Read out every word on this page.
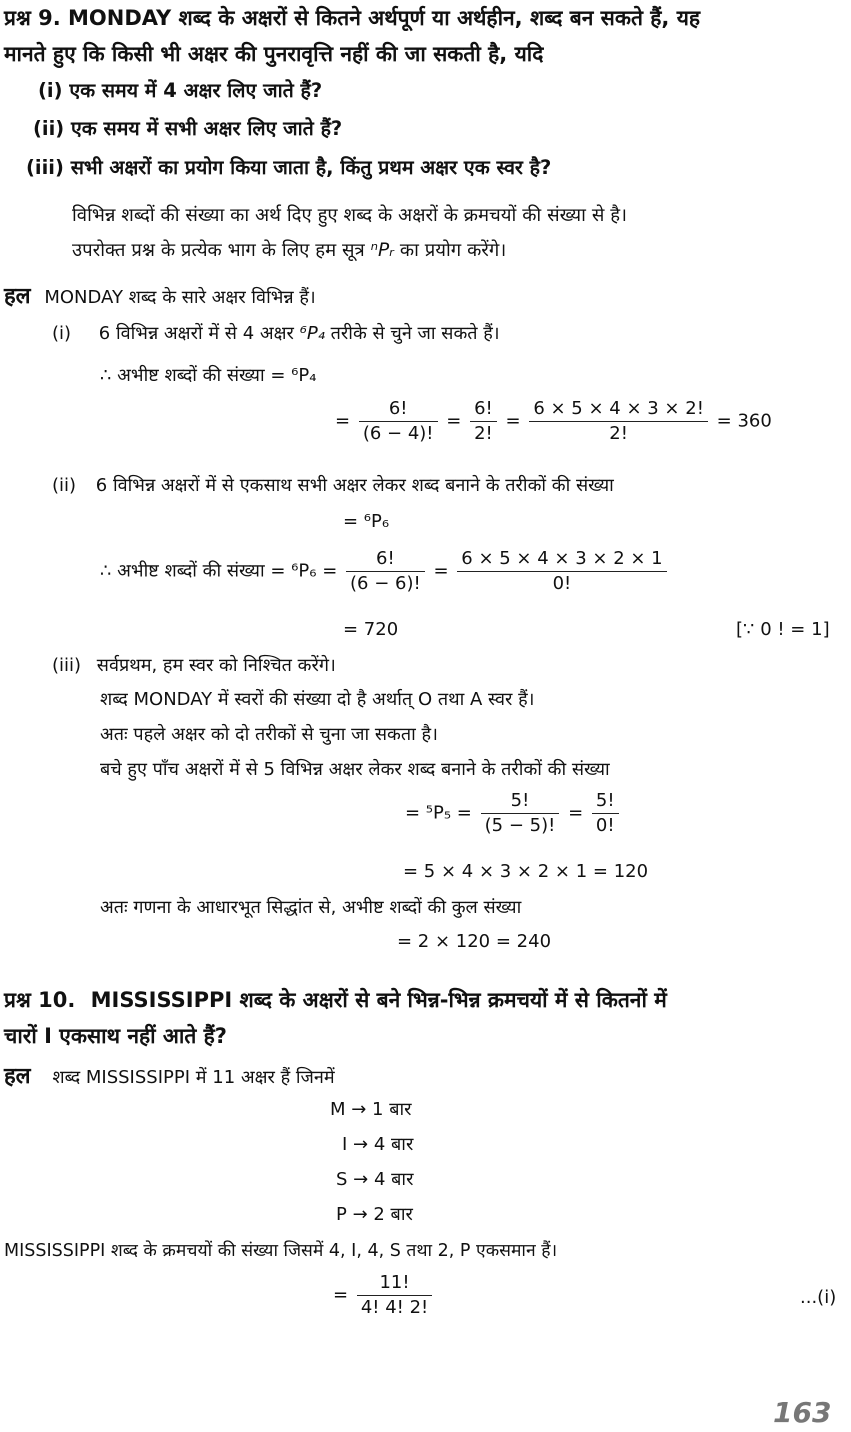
प्रश्न 9. MONDAY शब्द के अक्षरों से कितने अर्थपूर्ण या अर्थहीन, शब्द बन सकते हैं, यह
मानते हुए कि किसी भी अक्षर की पुनरावृत्ति नहीं की जा सकती है, यदि
(i) एक समय में 4 अक्षर लिए जाते हैं?
(ii) एक समय में सभी अक्षर लिए जाते हैं?
(iii) सभी अक्षरों का प्रयोग किया जाता है, किंतु प्रथम अक्षर एक स्वर है?
विभिन्न शब्दों की संख्या का अर्थ दिए हुए शब्द के अक्षरों के क्रमचयों की संख्या से है।
उपरोक्त प्रश्न के प्रत्येक भाग के लिए हम सूत्र ⁿPᵣ का प्रयोग करेंगे।
हल MONDAY शब्द के सारे अक्षर विभिन्न हैं।
(i) 6 विभिन्न अक्षरों में से 4 अक्षर ⁶P₄ तरीके से चुने जा सकते हैं।
∴ अभीष्ट शब्दों की संख्या = ⁶P₄
= $\frac{6!}{(6 - 4)!} = \frac{6!}{2!} = \frac{6 \times 5 \times 4 \times 3 \times 2!}{2!} = 360$
(ii) 6 विभिन्न अक्षरों में से एकसाथ सभी अक्षर लेकर शब्द बनाने के तरीकों की संख्या
= ⁶P₆
∴ अभीष्ट शब्दों की संख्या = $^6P_6 = \frac{6!}{(6 - 6)!} = \frac{6 \times 5 \times 4 \times 3 \times 2 \times 1}{0!}$
= 720	[∵ 0 ! = 1]
(iii) सर्वप्रथम, हम स्वर को निश्चित करेंगे।
शब्द MONDAY में स्वरों की संख्या दो है अर्थात् O तथा A स्वर हैं।
अतः पहले अक्षर को दो तरीकों से चुना जा सकता है।
बचे हुए पाँच अक्षरों में से 5 विभिन्न अक्षर लेकर शब्द बनाने के तरीकों की संख्या
= $^5P_5 = \frac{5!}{(5 - 5)!} = \frac{5!}{0!}$
= 5 × 4 × 3 × 2 × 1 = 120
अतः गणना के आधारभूत सिद्धांत से, अभीष्ट शब्दों की कुल संख्या
= 2 × 120 = 240
प्रश्न 10. MISSISSIPPI शब्द के अक्षरों से बने भिन्न-भिन्न क्रमचयों में से कितनों में
चारों I एकसाथ नहीं आते हैं?
हल शब्द MISSISSIPPI में 11 अक्षर हैं जिनमें
M → 1 बार
I → 4 बार
S → 4 बार
P → 2 बार
MISSISSIPPI शब्द के क्रमचयों की संख्या जिसमें 4, I, 4, S तथा 2, P एकसमान हैं।
= $\frac{11!}{4! 4! 2!}$	...(i)
163
